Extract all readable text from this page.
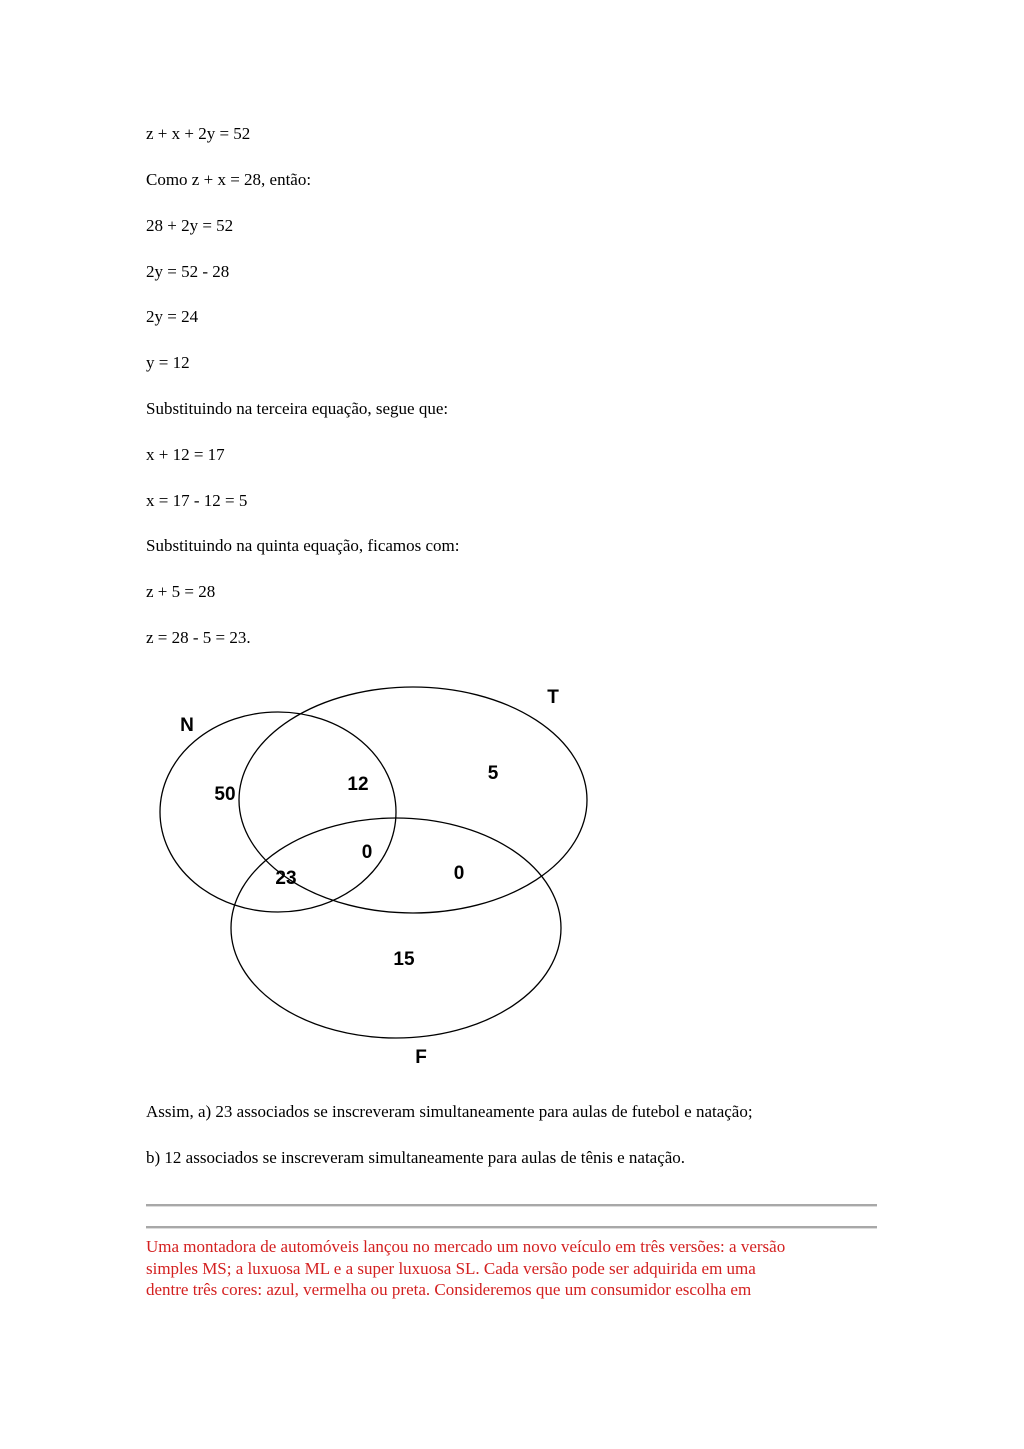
z + x + 2y = 52
Como z + x = 28, então:
28 + 2y = 52
2y = 52 - 28
2y = 24
y = 12
Substituindo na terceira equação, segue que:
x + 12 = 17
x = 17 - 12 = 5
Substituindo na quinta equação, ficamos com:
z + 5 = 28
z = 28 - 5 = 23.
N
T
F
50	12
5
0
23	0
15
Assim, a) 23 associados se inscreveram simultaneamente para aulas de futebol e natação;
b) 12 associados se inscreveram simultaneamente para aulas de tênis e natação.
Uma montadora de automóveis lançou no mercado um novo veículo em três versões: a versão
simples MS; a luxuosa ML e a super luxuosa SL. Cada versão pode ser adquirida em uma
dentre três cores: azul, vermelha ou preta. Consideremos que um consumidor escolha em
